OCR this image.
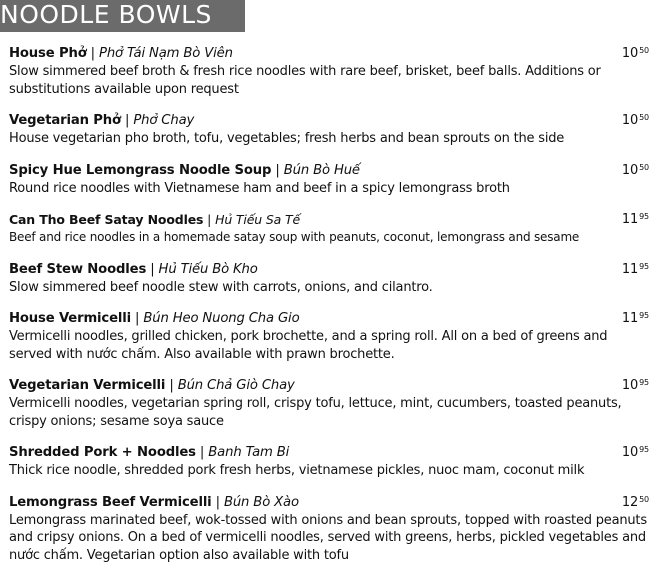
NOODLE BOWLS
House Phở | Phở Tái Nạm Bò Viên	$10^{50}$
Slow simmered beef broth & fresh rice noodles with rare beef, brisket, beef balls. Additions or substitutions available upon request
Vegetarian Phở | Phở Chay	$10^{50}$
House vegetarian pho broth, tofu, vegetables; fresh herbs and bean sprouts on the side
Spicy Hue Lemongrass Noodle Soup | Bún Bò Huế	$10^{50}$
Round rice noodles with Vietnamese ham and beef in a spicy lemongrass broth
Can Tho Beef Satay Noodles | Hủ Tiếu Sa Tế	$11^{95}$
Beef and rice noodles in a homemade satay soup with peanuts, coconut, lemongrass and sesame
Beef Stew Noodles | Hủ Tiếu Bò Kho	$11^{95}$
Slow simmered beef noodle stew with carrots, onions, and cilantro.
House Vermicelli | Bún Heo Nuong Cha Gio	$11^{95}$
Vermicelli noodles, grilled chicken, pork brochette, and a spring roll. All on a bed of greens and served with nước chấm. Also available with prawn brochette.
Vegetarian Vermicelli | Bún Chả Giò Chay	$10^{95}$
Vermicelli noodles, vegetarian spring roll, crispy tofu, lettuce, mint, cucumbers, toasted peanuts, crispy onions; sesame soya sauce
Shredded Pork + Noodles | Banh Tam Bi	$10^{95}$
Thick rice noodle, shredded pork fresh herbs, vietnamese pickles, nuoc mam, coconut milk
Lemongrass Beef Vermicelli | Bún Bò Xào	$12^{50}$
Lemongrass marinated beef, wok-tossed with onions and bean sprouts, topped with roasted peanuts and cripsy onions. On a bed of vermicelli noodles, served with greens, herbs, pickled vegetables and nước chấm. Vegetarian option also available with tofu
